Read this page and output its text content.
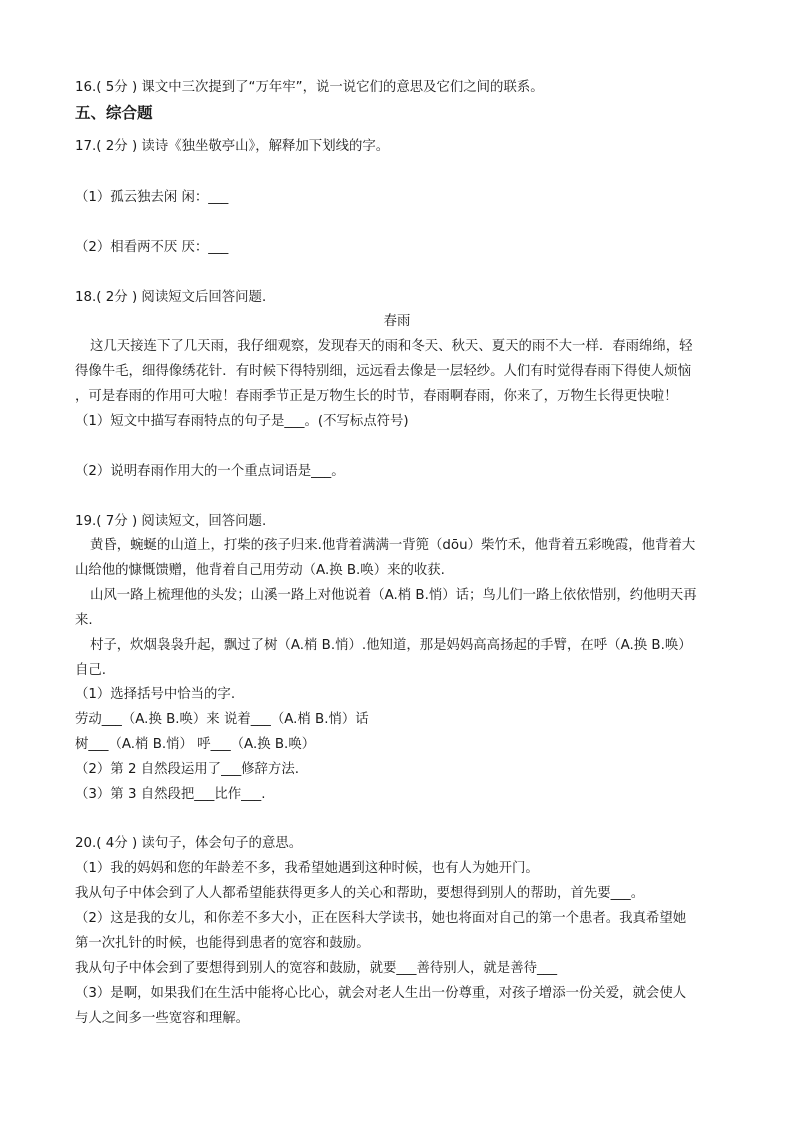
16.( 5分 ) 课文中三次提到了“万年牢”，说一说它们的意思及它们之间的联系。
五、综合题
17.( 2分 ) 读诗《独坐敬亭山》，解释加下划线的字。
（1）孤云独去闲 闲：___
（2）相看两不厌 厌：___
18.( 2分 ) 阅读短文后回答问题．
春雨
这几天接连下了几天雨，我仔细观察，发现春天的雨和冬天、秋天、夏天的雨不大一样．春雨绵绵，轻
得像牛毛，细得像绣花针．有时候下得特别细，远远看去像是一层轻纱。人们有时觉得春雨下得使人烦恼
，可是春雨的作用可大啦！春雨季节正是万物生长的时节，春雨啊春雨，你来了，万物生长得更快啦！
（1）短文中描写春雨特点的句子是___。(不写标点符号)
（2）说明春雨作用大的一个重点词语是___。
19.( 7分 ) 阅读短文，回答问题.
黄昏，蜿蜒的山道上，打柴的孩子归来.他背着满满一背篼（dōu）柴竹禾，他背着五彩晚霞，他背着大
山给他的慷慨馈赠，他背着自己用劳动（A.换 B.唤）来的收获.
山风一路上梳理他的头发；山溪一路上对他说着（A.梢 B.悄）话；鸟儿们一路上依依惜别，约他明天再
来.
村子，炊烟袅袅升起，飘过了树（A.梢 B.悄）.他知道，那是妈妈高高扬起的手臂，在呼（A.换 B.唤）
自己.
（1）选择括号中恰当的字.
劳动___（A.换 B.唤）来 说着___（A.梢 B.悄）话
树___（A.梢 B.悄） 呼___（A.换 B.唤）
（2）第 2 自然段运用了___修辞方法.
（3）第 3 自然段把___比作___.
20.( 4分 ) 读句子，体会句子的意思。
（1）我的妈妈和您的年龄差不多，我希望她遇到这种时候，也有人为她开门。
我从句子中体会到了人人都希望能获得更多人的关心和帮助，要想得到别人的帮助，首先要___。
（2）这是我的女儿，和你差不多大小，正在医科大学读书，她也将面对自己的第一个患者。我真希望她
第一次扎针的时候，也能得到患者的宽容和鼓励。
我从句子中体会到了要想得到别人的宽容和鼓励，就要___善待别人，就是善待___
（3）是啊，如果我们在生活中能将心比心，就会对老人生出一份尊重，对孩子增添一份关爱，就会使人
与人之间多一些宽容和理解。
